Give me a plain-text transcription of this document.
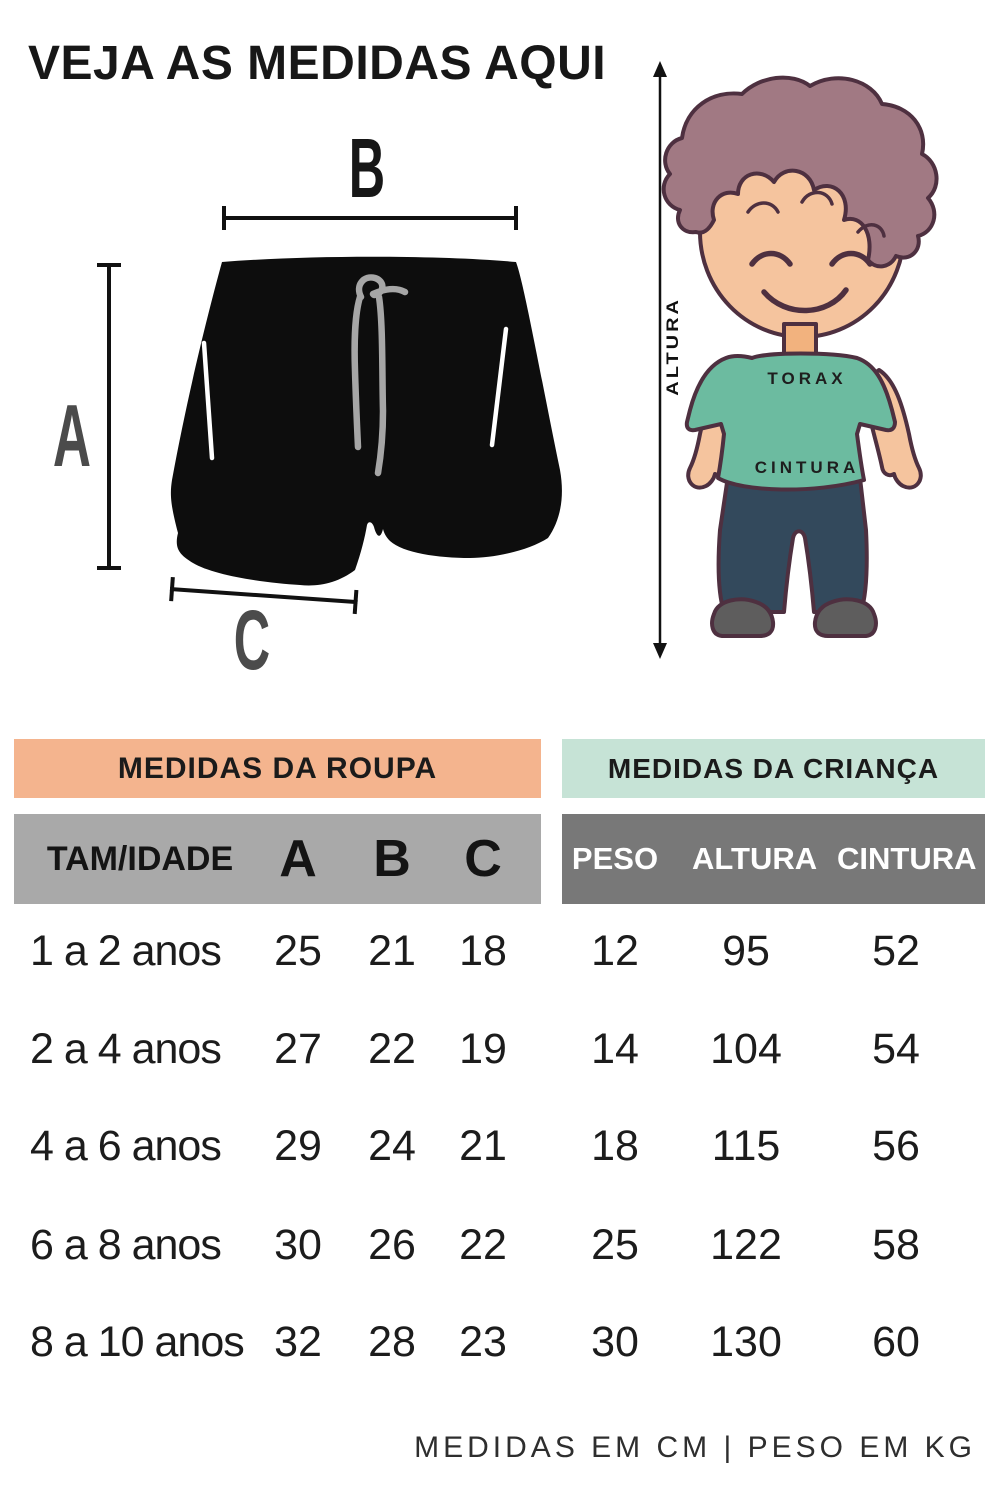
VEJA AS MEDIDAS AQUI
B
A
C
ALTURA	TORAX
CINTURA
MEDIDAS DA ROUPA	MEDIDAS DA CRIANÇA
TAM/IDADE A B C	PESO ALTURA CINTURA
1 a 2 anos	25	21	18	12	95	52
2 a 4 anos	27	22	19	14	104	54
4 a 6 anos	29	24	21	18	115	56
6 a 8 anos	30	26	22	25	122	58
8 a 10 anos 32	28	23	30	130	60
MEDIDAS EM CM | PESO EM KG
